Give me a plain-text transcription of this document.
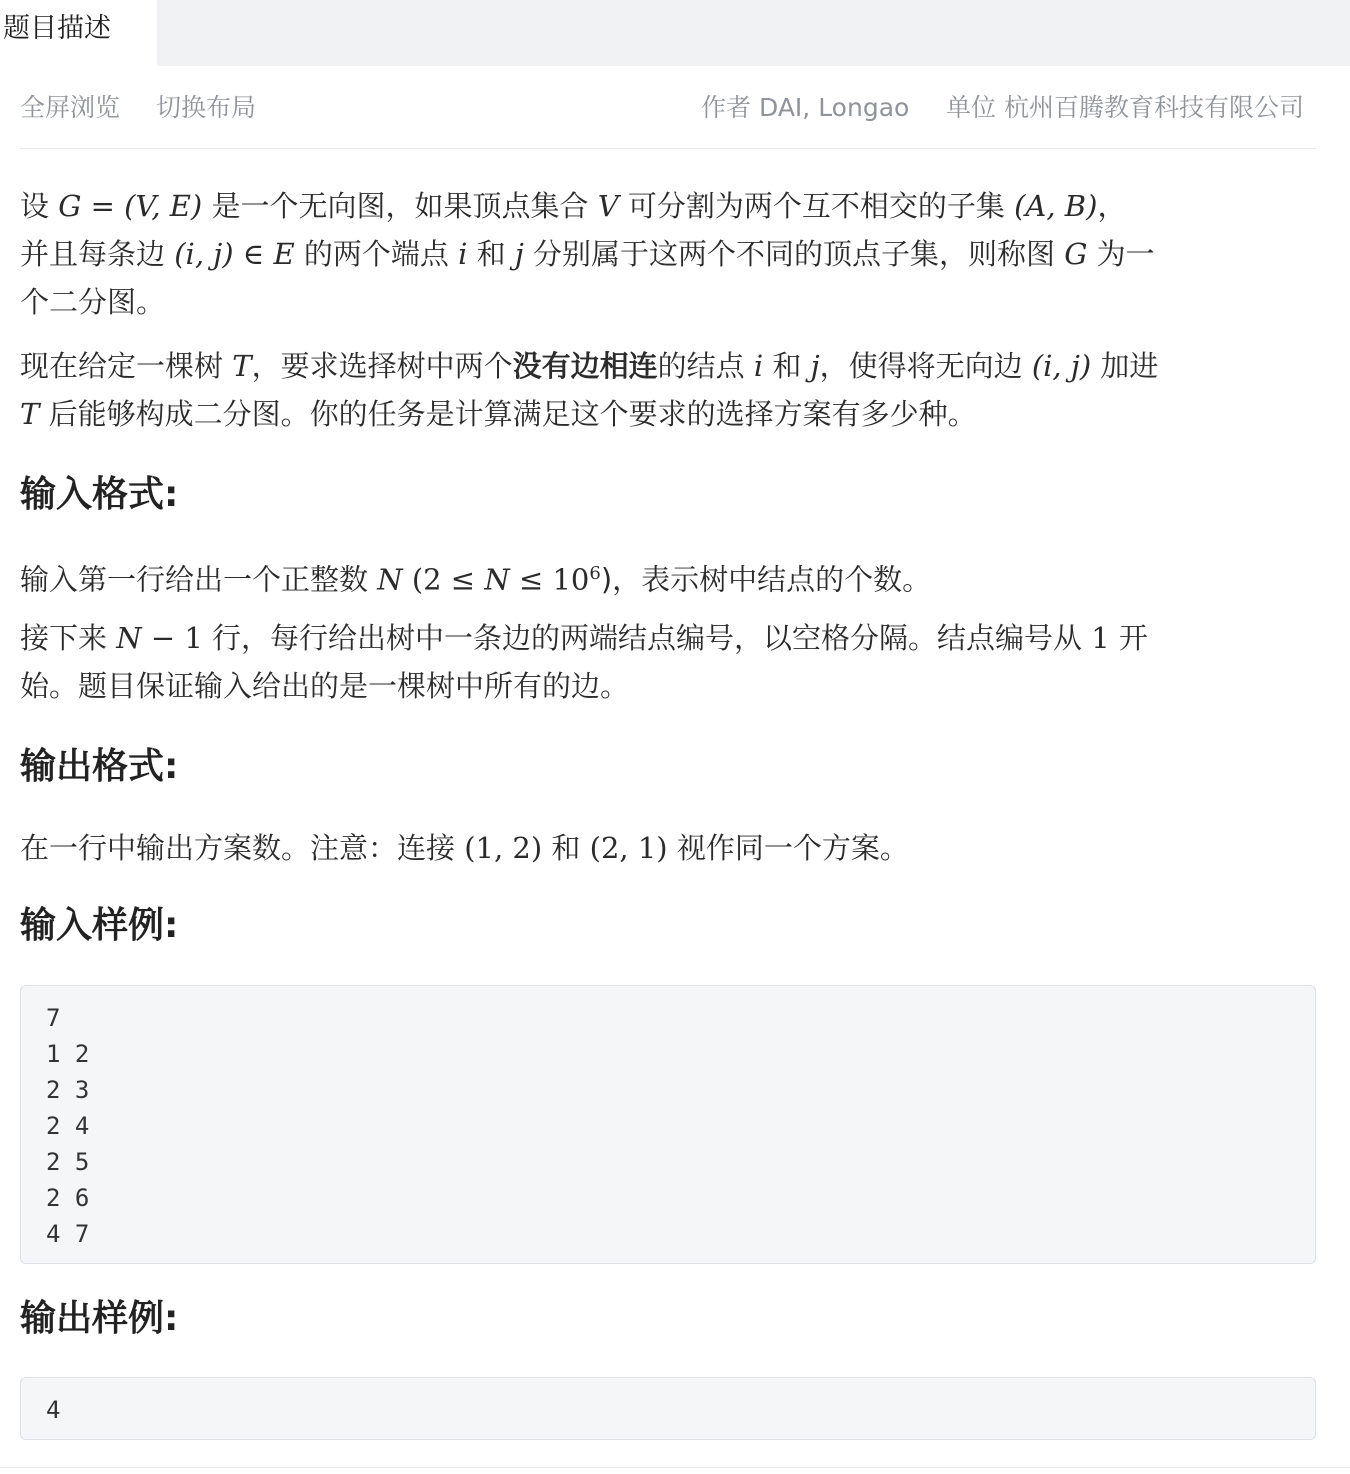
题目描述
全屏浏览 切换布局	作者 DAI, Longao 单位 杭州百腾教育科技有限公司
设 G = (V, E) 是一个无向图，如果顶点集合 V 可分割为两个互不相交的子集 (A, B)，
并且每条边 (i, j) ∈ E 的两个端点 i 和 j 分别属于这两个不同的顶点子集，则称图 G 为一
个二分图。
现在给定一棵树 T，要求选择树中两个没有边相连的结点 i 和 j，使得将无向边 (i, j) 加进
T 后能够构成二分图。你的任务是计算满足这个要求的选择方案有多少种。
输入格式:
输入第一行给出一个正整数 N $(2 \le N \le 10^6)$，表示树中结点的个数。
接下来 N − 1 行，每行给出树中一条边的两端结点编号，以空格分隔。结点编号从 1 开
始。题目保证输入给出的是一棵树中所有的边。
输出格式:
在一行中输出方案数。注意：连接 (1, 2) 和 (2, 1) 视作同一个方案。
输入样例:
7
1 2
2 3
2 4
2 5
2 6
4 7
输出样例:
4
